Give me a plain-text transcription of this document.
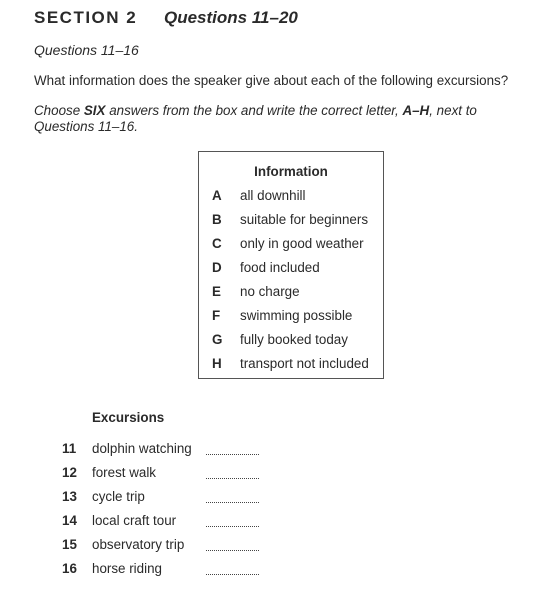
SECTION 2 Questions 11–20
Questions 11–16
What information does the speaker give about each of the following excursions?
Choose SIX answers from the box and write the correct letter, A–H, next to Questions 11–16.
Information
A	all downhill
B	suitable for beginners
C	only in good weather
D	food included
E	no charge
F	swimming possible
G fully booked today
H	transport not included
Excursions
11	dolphin watching
12	forest walk
13	cycle trip
14	local craft tour
15	observatory trip
16	horse riding
